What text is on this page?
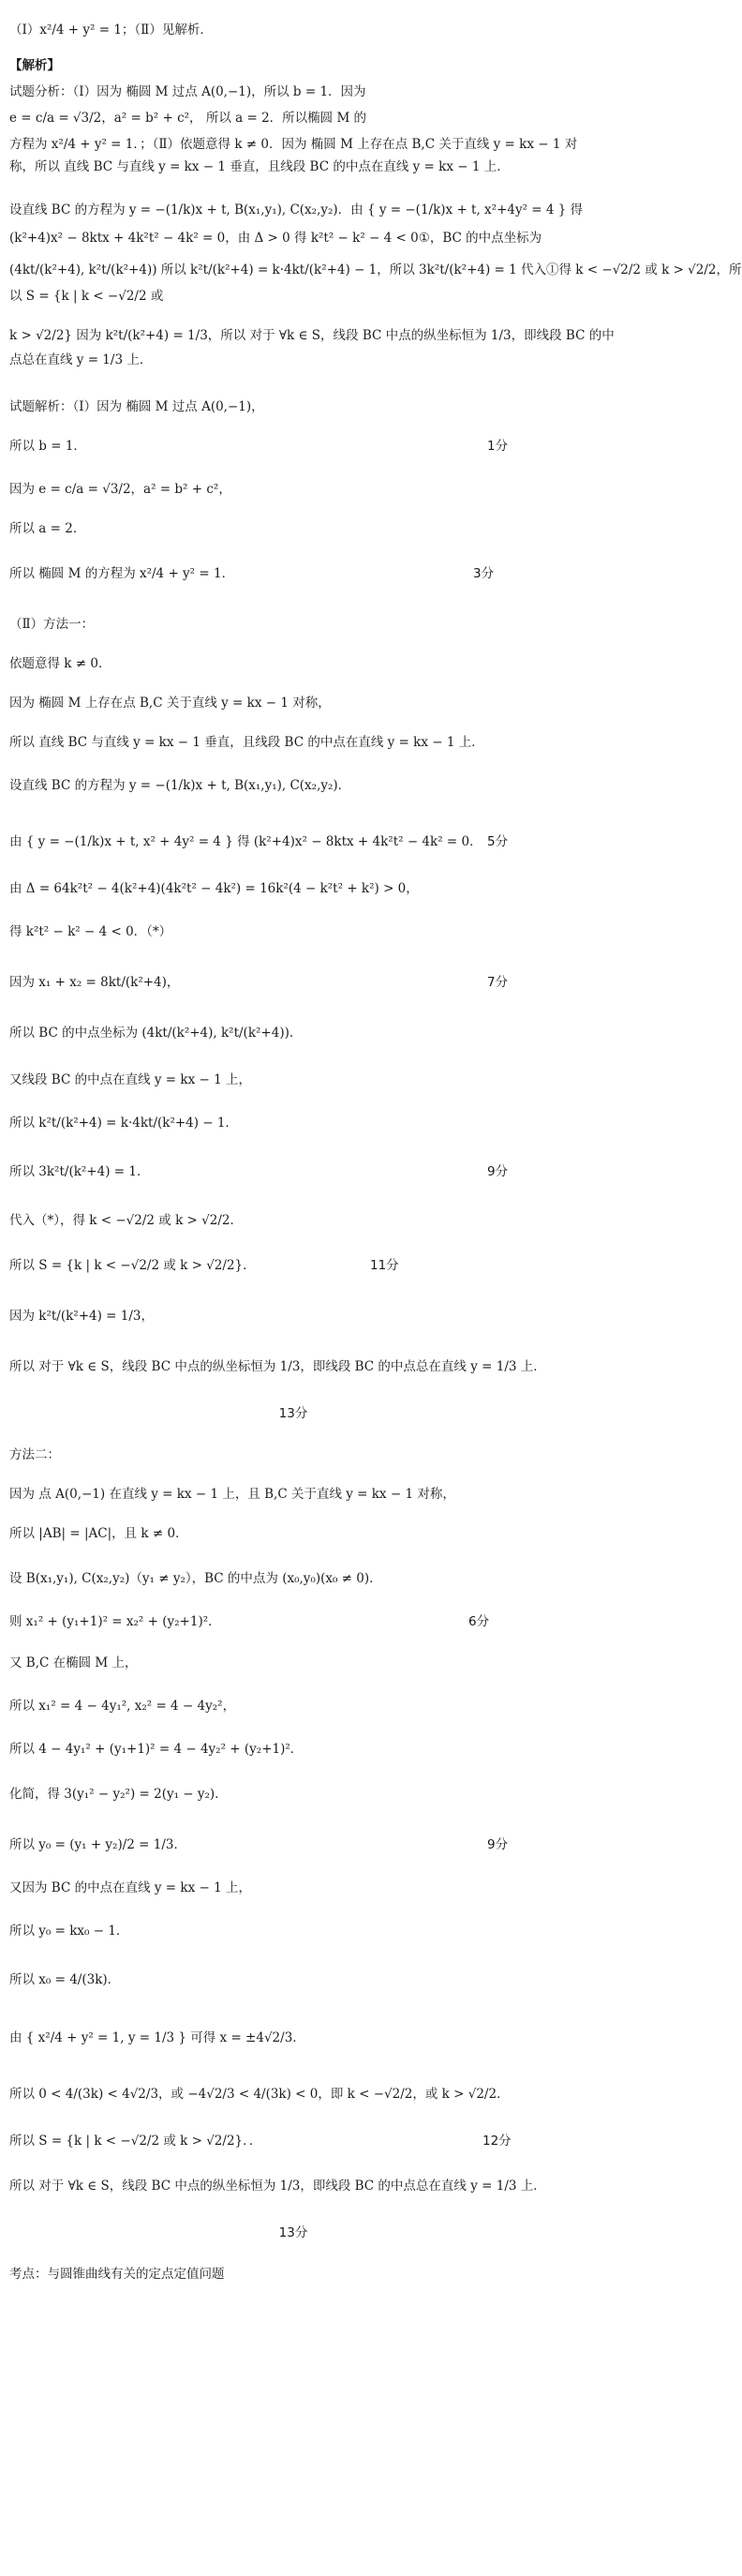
（Ⅰ）x²/4 + y² = 1；（Ⅱ）见解析．
【解析】
试题分析：（Ⅰ）因为 椭圆 M 过点 A(0,−1)，所以 b = 1．因为
e = c/a = √3/2，a² = b² + c²， 所以 a = 2．所以椭圆 M 的
方程为 x²/4 + y² = 1．；（Ⅱ）依题意得 k ≠ 0．因为 椭圆 M 上存在点 B,C 关于直线 y = kx − 1 对
称，所以 直线 BC 与直线 y = kx − 1 垂直，且线段 BC 的中点在直线 y = kx − 1 上．
设直线 BC 的方程为 y = −(1/k)x + t, B(x₁,y₁), C(x₂,y₂)．由 { y = −(1/k)x + t, x²+4y² = 4 } 得
(k²+4)x² − 8ktx + 4k²t² − 4k² = 0，由 Δ > 0 得 k²t² − k² − 4 < 0①，BC 的中点坐标为
(4kt/(k²+4), k²t/(k²+4)) 所以 k²t/(k²+4) = k·4kt/(k²+4) − 1，所以 3k²t/(k²+4) = 1 代入①得 k < −√2/2 或 k > √2/2，所
以 S = {k | k < −√2/2 或
k > √2/2} 因为 k²t/(k²+4) = 1/3，所以 对于 ∀k ∈ S，线段 BC 中点的纵坐标恒为 1/3，即线段 BC 的中
点总在直线 y = 1/3 上．
试题解析：（Ⅰ）因为 椭圆 M 过点 A(0,−1)，
所以 b = 1．	1分
因为 e = c/a = √3/2，a² = b² + c²，
所以 a = 2．
所以 椭圆 M 的方程为 x²/4 + y² = 1．	3分
（Ⅱ）方法一：
依题意得 k ≠ 0．
因为 椭圆 M 上存在点 B,C 关于直线 y = kx − 1 对称，
所以 直线 BC 与直线 y = kx − 1 垂直，且线段 BC 的中点在直线 y = kx − 1 上．
设直线 BC 的方程为 y = −(1/k)x + t, B(x₁,y₁), C(x₂,y₂)．
由 { y = −(1/k)x + t, x² + 4y² = 4 } 得 (k²+4)x² − 8ktx + 4k²t² − 4k² = 0． 5分
由 Δ = 64k²t² − 4(k²+4)(4k²t² − 4k²) = 16k²(4 − k²t² + k²) > 0，
得 k²t² − k² − 4 < 0．（*）
因为 x₁ + x₂ = 8kt/(k²+4)，	7分
所以 BC 的中点坐标为 (4kt/(k²+4), k²t/(k²+4))．
又线段 BC 的中点在直线 y = kx − 1 上，
所以 k²t/(k²+4) = k·4kt/(k²+4) − 1．
所以 3k²t/(k²+4) = 1．	9分
代入（*），得 k < −√2/2 或 k > √2/2．
所以 S = {k | k < −√2/2 或 k > √2/2}．	11分
因为 k²t/(k²+4) = 1/3，
所以 对于 ∀k ∈ S，线段 BC 中点的纵坐标恒为 1/3，即线段 BC 的中点总在直线 y = 1/3 上．
13分
方法二：
因为 点 A(0,−1) 在直线 y = kx − 1 上，且 B,C 关于直线 y = kx − 1 对称，
所以 |AB| = |AC|，且 k ≠ 0．
设 B(x₁,y₁), C(x₂,y₂)（y₁ ≠ y₂），BC 的中点为 (x₀,y₀)(x₀ ≠ 0)．
则 x₁² + (y₁+1)² = x₂² + (y₂+1)²．	6分
又 B,C 在椭圆 M 上，
所以 x₁² = 4 − 4y₁², x₂² = 4 − 4y₂²，
所以 4 − 4y₁² + (y₁+1)² = 4 − 4y₂² + (y₂+1)²．
化简，得 3(y₁² − y₂²) = 2(y₁ − y₂)．
所以 y₀ = (y₁ + y₂)/2 = 1/3．	9分
又因为 BC 的中点在直线 y = kx − 1 上，
所以 y₀ = kx₀ − 1．
所以 x₀ = 4/(3k)．
由 { x²/4 + y² = 1, y = 1/3 } 可得 x = ±4√2/3．
所以 0 < 4/(3k) < 4√2/3，或 −4√2/3 < 4/(3k) < 0，即 k < −√2/2，或 k > √2/2．
所以 S = {k | k < −√2/2 或 k > √2/2}．．	12分
所以 对于 ∀k ∈ S，线段 BC 中点的纵坐标恒为 1/3，即线段 BC 的中点总在直线 y = 1/3 上．
13分
考点：与圆锥曲线有关的定点定值问题
